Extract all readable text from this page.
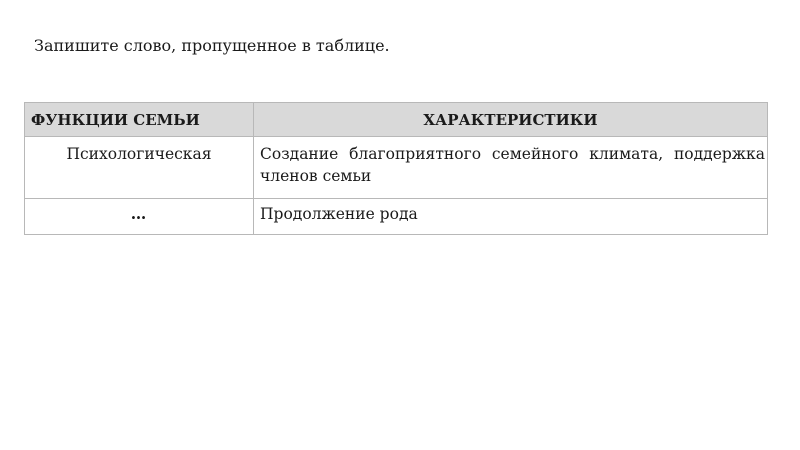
Запишите слово, пропущенное в таблице.
ФУНКЦИИ СЕМЬИ	ХАРАКТЕРИСТИКИ
Психологическая	Создание благоприятного семейного климата, поддержка членов семьи
…	Продолжение рода
